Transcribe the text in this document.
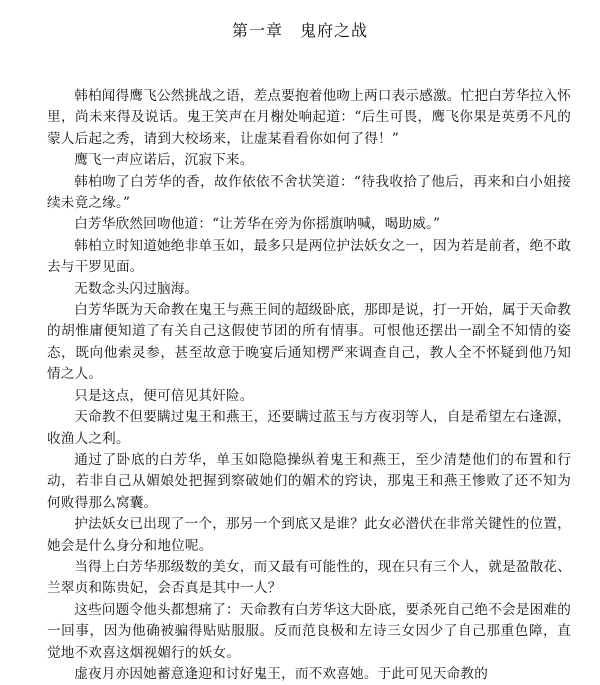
第一章　鬼府之战

韩柏闻得鹰飞公然挑战之语，差点要抱着他吻上两口表示感激。忙把白芳华拉入怀里，尚未来得及说话。鬼王笑声在月榭处响起道：“后生可畏，鹰飞你果是英勇不凡的蒙人后起之秀，请到大校场来，让虚某看看你如何了得！”

鹰飞一声应诺后，沉寂下来。

韩柏吻了白芳华的香，故作依依不舍状笑道：“待我收拾了他后，再来和白小姐接续未竟之缘。”

白芳华欣然回吻他道：“让芳华在旁为你摇旗呐喊，喝助威。”

韩柏立时知道她绝非单玉如，最多只是两位护法妖女之一，因为若是前者，绝不敢去与干罗见面。

无数念头闪过脑海。

白芳华既为天命教在鬼王与燕王间的超级卧底，那即是说，打一开始，属于天命教的胡惟庸便知道了有关自己这假使节团的所有情事。可恨他还摆出一副全不知情的姿态，既向他索灵参，甚至故意于晚宴后通知楞严来调查自己，教人全不怀疑到他乃知情之人。

只是这点，便可倍见其奸险。

天命教不但要瞒过鬼王和燕王，还要瞒过蓝玉与方夜羽等人，自是希望左右逢源，收渔人之利。

通过了卧底的白芳华，单玉如隐隐操纵着鬼王和燕王，至少清楚他们的布置和行动，若非自己从媚娘处把握到察破她们的媚术的窍诀，那鬼王和燕王惨败了还不知为何败得那么窝囊。

护法妖女已出现了一个，那另一个到底又是谁？此女必潜伏在非常关键性的位置，她会是什么身分和地位呢。

当得上白芳华那级数的美女，而又最有可能性的，现在只有三个人，就是盈散花、兰翠贞和陈贵妃，会否真是其中一人？

这些问题令他头都想痛了：天命教有白芳华这大卧底，要杀死自己绝不会是困难的一回事，因为他确被骗得贴贴服服。反而范良极和左诗三女因少了自己那重色障，直觉地不欢喜这烟视媚行的妖女。

虚夜月亦因她蓄意逢迎和讨好鬼王，而不欢喜她。于此可见天命教的
